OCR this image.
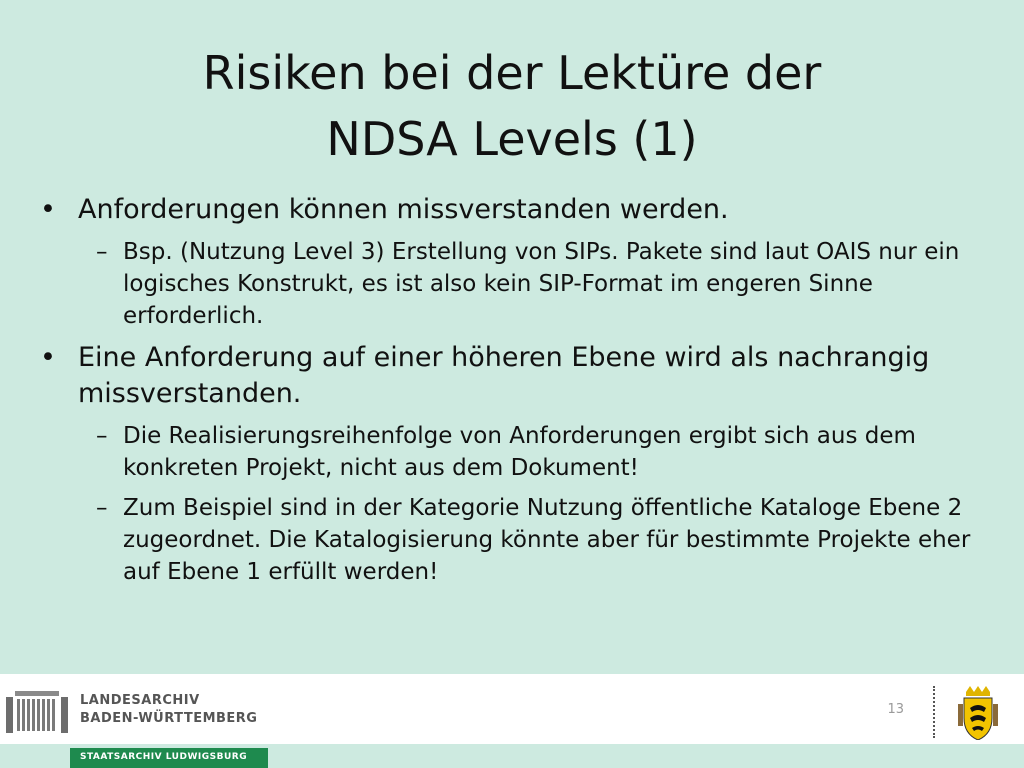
Risiken bei der Lektüre der
NDSA Levels (1)
• Anforderungen können missverstanden werden.
– Bsp. (Nutzung Level 3) Erstellung von SIPs. Pakete sind laut OAIS nur ein logisches Konstrukt, es ist also kein SIP-Format im engeren Sinne erforderlich.
• Eine Anforderung auf einer höheren Ebene wird als nachrangig missverstanden.
– Die Realisierungsreihenfolge von Anforderungen ergibt sich aus dem konkreten Projekt, nicht aus dem Dokument!
– Zum Beispiel sind in der Kategorie Nutzung öffentliche Kataloge Ebene 2 zugeordnet. Die Katalogisierung könnte aber für bestimmte Projekte eher auf Ebene 1 erfüllt werden!
LANDESARCHIV
BADEN-WÜRTTEMBERG
13
STAATSARCHIV LUDWIGSBURG
